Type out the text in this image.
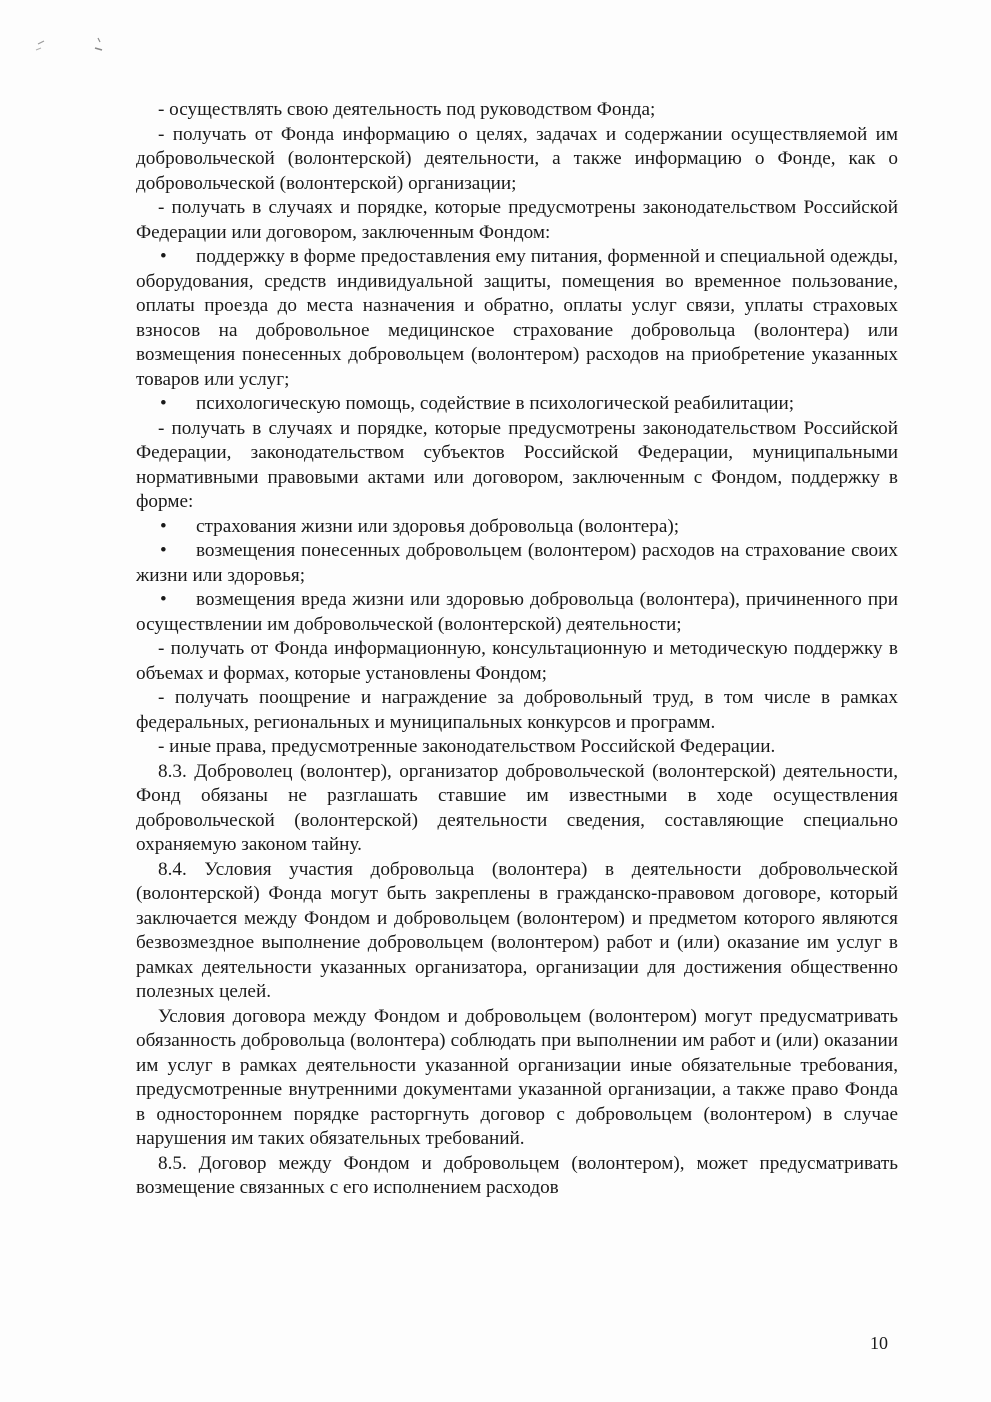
- осуществлять свою деятельность под руководством Фонда;

- получать от Фонда информацию о целях, задачах и содержании осуществляемой им добровольческой (волонтерской) деятельности, а также информацию о Фонде, как о добровольческой (волонтерской) организации;

- получать в случаях и порядке, которые предусмотрены законодательством Российской Федерации или договором, заключенным Фондом:

• поддержку в форме предоставления ему питания, форменной и специальной одежды, оборудования, средств индивидуальной защиты, помещения во временное пользование, оплаты проезда до места назначения и обратно, оплаты услуг связи, уплаты страховых взносов на добровольное медицинское страхование добровольца (волонтера) или возмещения понесенных добровольцем (волонтером) расходов на приобретение указанных товаров или услуг;

• психологическую помощь, содействие в психологической реабилитации;

- получать в случаях и порядке, которые предусмотрены законодательством Российской Федерации, законодательством субъектов Российской Федерации, муниципальными нормативными правовыми актами или договором, заключенным с Фондом, поддержку в форме:

• страхования жизни или здоровья добровольца (волонтера);

• возмещения понесенных добровольцем (волонтером) расходов на страхование своих жизни или здоровья;

• возмещения вреда жизни или здоровью добровольца (волонтера), причиненного при осуществлении им добровольческой (волонтерской) деятельности;

- получать от Фонда информационную, консультационную и методическую поддержку в объемах и формах, которые установлены Фондом;

- получать поощрение и награждение за добровольный труд, в том числе в рамках федеральных, региональных и муниципальных конкурсов и программ.

- иные права, предусмотренные законодательством Российской Федерации.

8.3. Доброволец (волонтер), организатор добровольческой (волонтерской) деятельности, Фонд обязаны не разглашать ставшие им известными в ходе осуществления добровольческой (волонтерской) деятельности сведения, составляющие специально охраняемую законом тайну.

8.4. Условия участия добровольца (волонтера) в деятельности добровольческой (волонтерской) Фонда могут быть закреплены в гражданско-правовом договоре, который заключается между Фондом и добровольцем (волонтером) и предметом которого являются безвозмездное выполнение добровольцем (волонтером) работ и (или) оказание им услуг в рамках деятельности указанных организатора, организации для достижения общественно полезных целей.

Условия договора между Фондом и добровольцем (волонтером) могут предусматривать обязанность добровольца (волонтера) соблюдать при выполнении им работ и (или) оказании им услуг в рамках деятельности указанной организации иные обязательные требования, предусмотренные внутренними документами указанной организации, а также право Фонда в одностороннем порядке расторгнуть договор с добровольцем (волонтером) в случае нарушения им таких обязательных требований.

8.5. Договор между Фондом и добровольцем (волонтером), может предусматривать возмещение связанных с его исполнением расходов

10
